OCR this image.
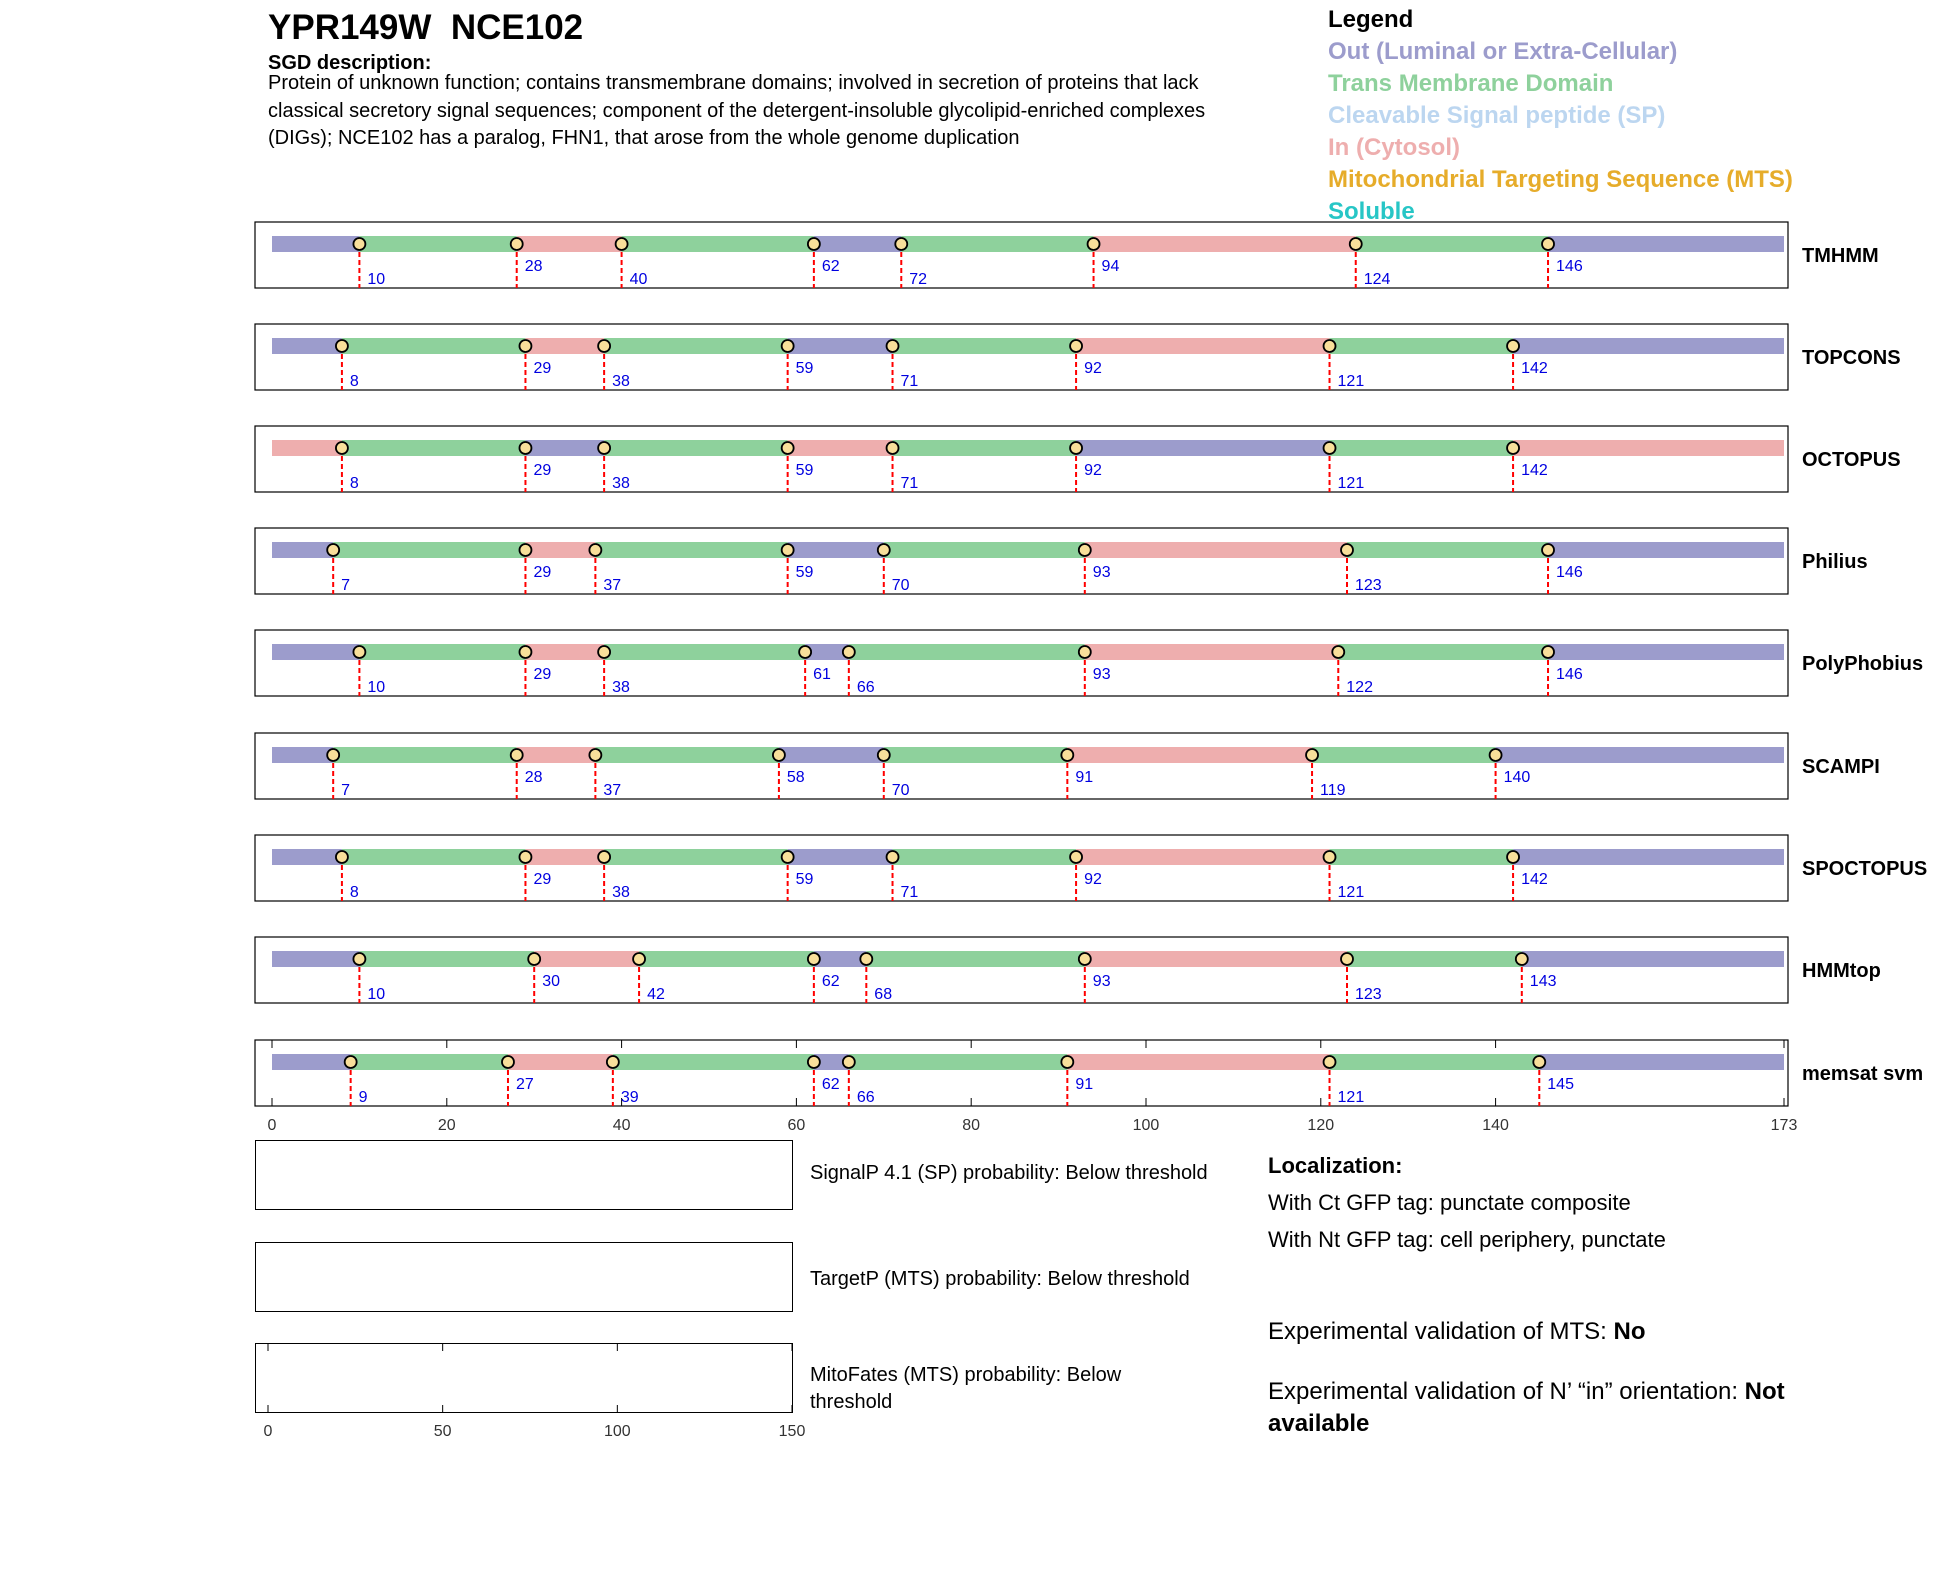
YPR149W  NCE102
SGD description:
Protein of unknown function; contains transmembrane domains; involved in secretion of proteins that lack classical secretory signal sequences; component of the detergent-insoluble glycolipid-enriched complexes (DIGs); NCE102 has a paralog, FHN1, that arose from the whole genome duplication
Legend
Out (Luminal or Extra-Cellular)
Trans Membrane Domain
Cleavable Signal peptide (SP)
In (Cytosol)
Mitochondrial Targeting Sequence (MTS)
Soluble
10
28
40
62
72
94
124
146	TMHMM
8
29
38
59
71
92
121
142	TOPCONS
8
29
38
59
71
92
121
142	OCTOPUS
7
29
37
59
70
93
123
146	Philius
10
29
38
61
66
93
122
146	PolyPhobius
7
28
37
58
70
91
119
140	SCAMPI
8
29
38
59
71
92
121
142	SPOCTOPUS
10
30
42
62
68
93
123
143	HMMtop
0	20	40	60	80	100	120	140	173
9
27
39
62
66
91
121
145	memsat svm
0	50	100	150
SignalP 4.1 (SP) probability: Below threshold
TargetP (MTS) probability: Below threshold
MitoFates (MTS) probability: Below threshold
Localization:
With Ct GFP tag: punctate composite
With Nt GFP tag: cell periphery, punctate
Experimental validation of MTS: No
Experimental validation of N’ “in” orientation: Not available
